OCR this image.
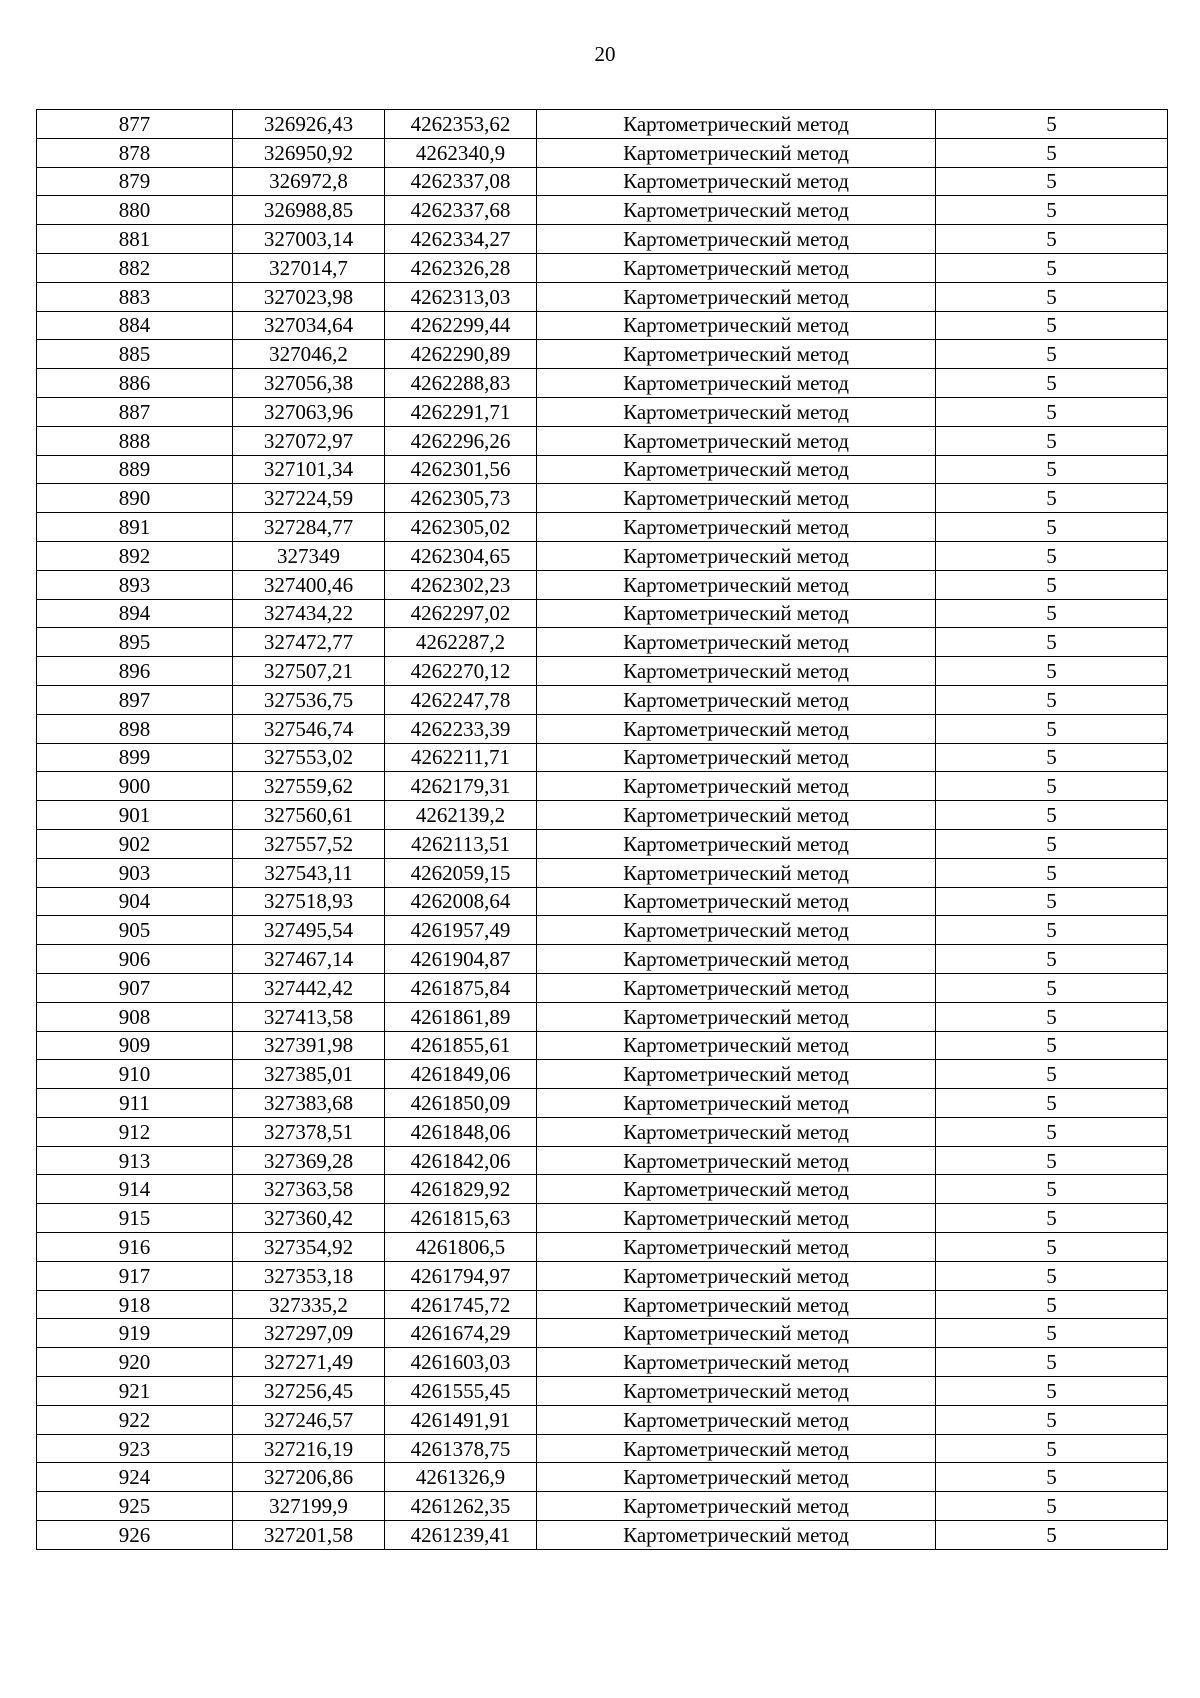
20
877	326926,43	4262353,62	Картометрический метод	5
878	326950,92	4262340,9	Картометрический метод	5
879	326972,8	4262337,08	Картометрический метод	5
880	326988,85	4262337,68	Картометрический метод	5
881	327003,14	4262334,27	Картометрический метод	5
882	327014,7	4262326,28	Картометрический метод	5
883	327023,98	4262313,03	Картометрический метод	5
884	327034,64	4262299,44	Картометрический метод	5
885	327046,2	4262290,89	Картометрический метод	5
886	327056,38	4262288,83	Картометрический метод	5
887	327063,96	4262291,71	Картометрический метод	5
888	327072,97	4262296,26	Картометрический метод	5
889	327101,34	4262301,56	Картометрический метод	5
890	327224,59	4262305,73	Картометрический метод	5
891	327284,77	4262305,02	Картометрический метод	5
892	327349	4262304,65	Картометрический метод	5
893	327400,46	4262302,23	Картометрический метод	5
894	327434,22	4262297,02	Картометрический метод	5
895	327472,77	4262287,2	Картометрический метод	5
896	327507,21	4262270,12	Картометрический метод	5
897	327536,75	4262247,78	Картометрический метод	5
898	327546,74	4262233,39	Картометрический метод	5
899	327553,02	4262211,71	Картометрический метод	5
900	327559,62	4262179,31	Картометрический метод	5
901	327560,61	4262139,2	Картометрический метод	5
902	327557,52	4262113,51	Картометрический метод	5
903	327543,11	4262059,15	Картометрический метод	5
904	327518,93	4262008,64	Картометрический метод	5
905	327495,54	4261957,49	Картометрический метод	5
906	327467,14	4261904,87	Картометрический метод	5
907	327442,42	4261875,84	Картометрический метод	5
908	327413,58	4261861,89	Картометрический метод	5
909	327391,98	4261855,61	Картометрический метод	5
910	327385,01	4261849,06	Картометрический метод	5
911	327383,68	4261850,09	Картометрический метод	5
912	327378,51	4261848,06	Картометрический метод	5
913	327369,28	4261842,06	Картометрический метод	5
914	327363,58	4261829,92	Картометрический метод	5
915	327360,42	4261815,63	Картометрический метод	5
916	327354,92	4261806,5	Картометрический метод	5
917	327353,18	4261794,97	Картометрический метод	5
918	327335,2	4261745,72	Картометрический метод	5
919	327297,09	4261674,29	Картометрический метод	5
920	327271,49	4261603,03	Картометрический метод	5
921	327256,45	4261555,45	Картометрический метод	5
922	327246,57	4261491,91	Картометрический метод	5
923	327216,19	4261378,75	Картометрический метод	5
924	327206,86	4261326,9	Картометрический метод	5
925	327199,9	4261262,35	Картометрический метод	5
926	327201,58	4261239,41	Картометрический метод	5
